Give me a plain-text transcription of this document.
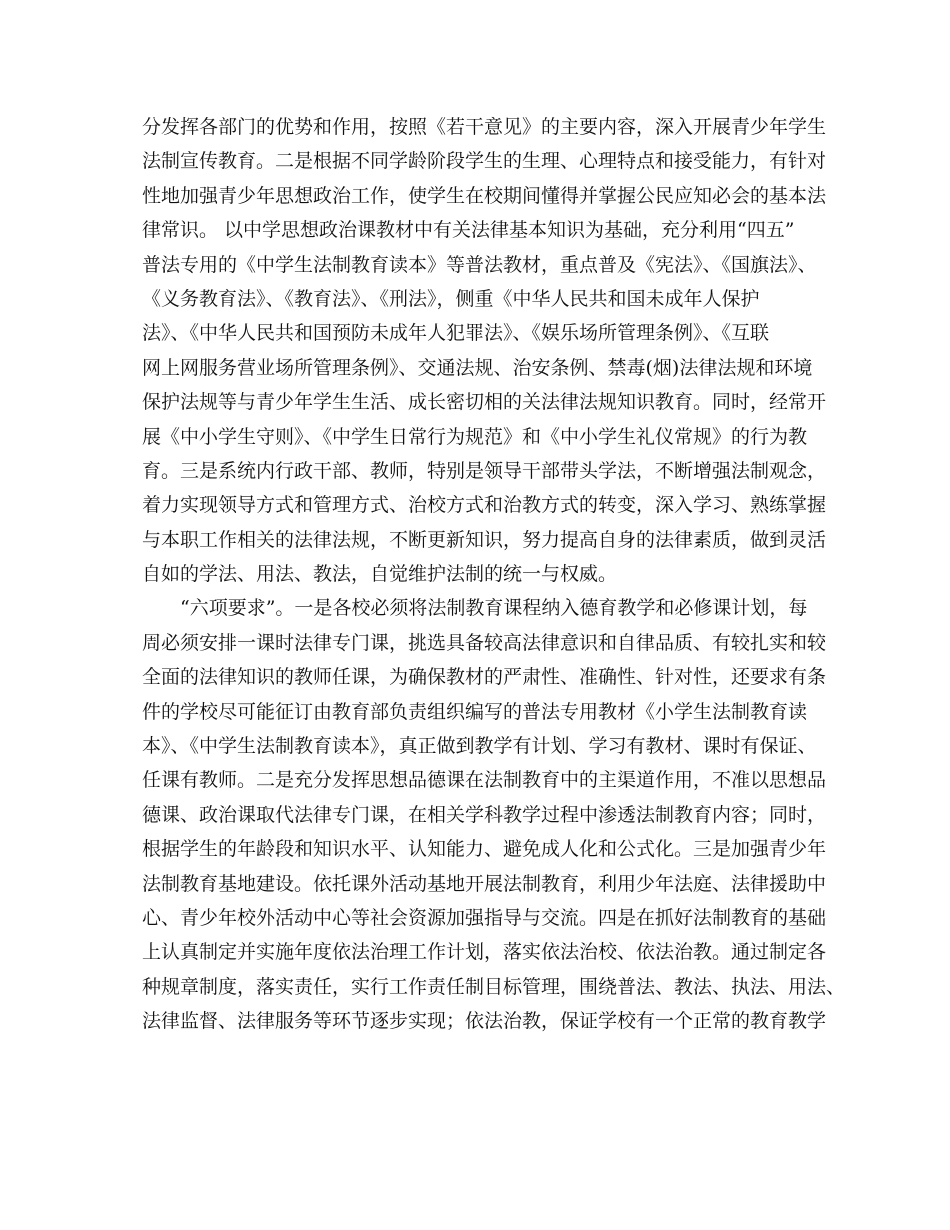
分发挥各部门的优势和作用，按照《若干意见》的主要内容，深入开展青少年学生
法制宣传教育。二是根据不同学龄阶段学生的生理、心理特点和接受能力，有针对
性地加强青少年思想政治工作，使学生在校期间懂得并掌握公民应知必会的基本法
律常识。 以中学思想政治课教材中有关法律基本知识为基础，充分利用“四五”
普法专用的《中学生法制教育读本》等普法教材，重点普及《宪法》、《国旗法》、
《义务教育法》、《教育法》、《刑法》，侧重《中华人民共和国未成年人保护
法》、《中华人民共和国预防未成年人犯罪法》、《娱乐场所管理条例》、《互联
网上网服务营业场所管理条例》、交通法规、治安条例、禁毒(烟)法律法规和环境
保护法规等与青少年学生生活、成长密切相的关法律法规知识教育。同时，经常开
展《中小学生守则》、《中学生日常行为规范》和《中小学生礼仪常规》的行为教
育。三是系统内行政干部、教师，特别是领导干部带头学法，不断增强法制观念，
着力实现领导方式和管理方式、治校方式和治教方式的转变，深入学习、熟练掌握
与本职工作相关的法律法规，不断更新知识，努力提高自身的法律素质，做到灵活
自如的学法、用法、教法，自觉维护法制的统一与权威。
“六项要求”。一是各校必须将法制教育课程纳入德育教学和必修课计划，每
周必须安排一课时法律专门课，挑选具备较高法律意识和自律品质、有较扎实和较
全面的法律知识的教师任课，为确保教材的严肃性、准确性、针对性，还要求有条
件的学校尽可能征订由教育部负责组织编写的普法专用教材《小学生法制教育读
本》、《中学生法制教育读本》，真正做到教学有计划、学习有教材、课时有保证、
任课有教师。二是充分发挥思想品德课在法制教育中的主渠道作用，不准以思想品
德课、政治课取代法律专门课，在相关学科教学过程中渗透法制教育内容；同时，
根据学生的年龄段和知识水平、认知能力、避免成人化和公式化。三是加强青少年
法制教育基地建设。依托课外活动基地开展法制教育，利用少年法庭、法律援助中
心、青少年校外活动中心等社会资源加强指导与交流。四是在抓好法制教育的基础
上认真制定并实施年度依法治理工作计划，落实依法治校、依法治教。通过制定各
种规章制度，落实责任，实行工作责任制目标管理，围绕普法、教法、执法、用法、
法律监督、法律服务等环节逐步实现；依法治教，保证学校有一个正常的教育教学
